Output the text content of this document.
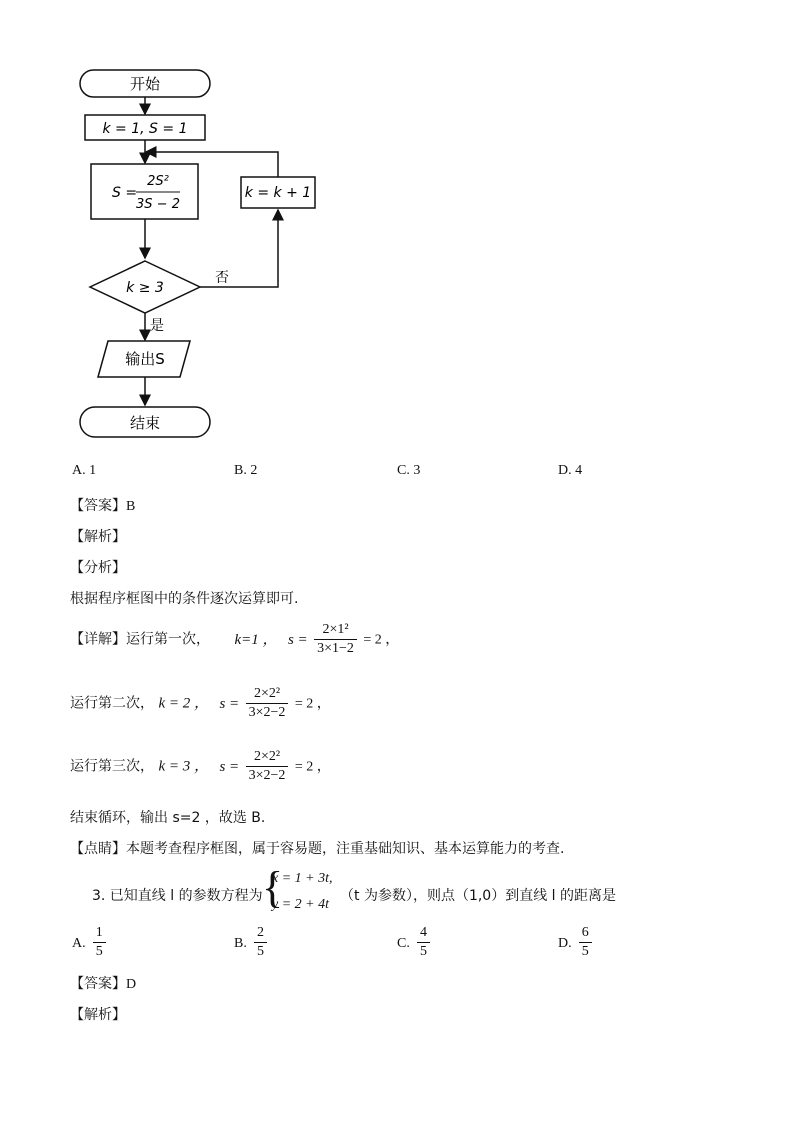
开始
k = 1, S = 1
S =
2S²
3S − 2
k ≥ 3
否
k = k + 1
是
输出S
结束
A. 1	B. 2	C. 3	D. 4
【答案】B
【解析】
【分析】
根据程序框图中的条件逐次运算即可.
【详解】运行第一次， k=1 ， $s = \frac{\text{2×1²}}{3\times 1-2} = 2$ ，
运行第二次， k = 2 ， $s = \frac{\text{2×2²}}{3\times 2-2} = 2$ ，
运行第三次， k = 3 ， $s = \frac{\text{2×2²}}{3\times 2-2} = 2$ ，
结束循环，输出 s=2 ，故选 B.
【点睛】本题考查程序框图，属于容易题，注重基础知识、基本运算能力的考查.
3. 已知直线 l 的参数方程为 {
x = 1 + 3t,
y = 2 + 4t
（t 为参数），则点（1,0）到直线 l 的距离是
A. $\frac{1}{5}$	B. $\frac{2}{5}$	C. $\frac{4}{5}$	D. $\frac{6}{5}$
【答案】D
【解析】
